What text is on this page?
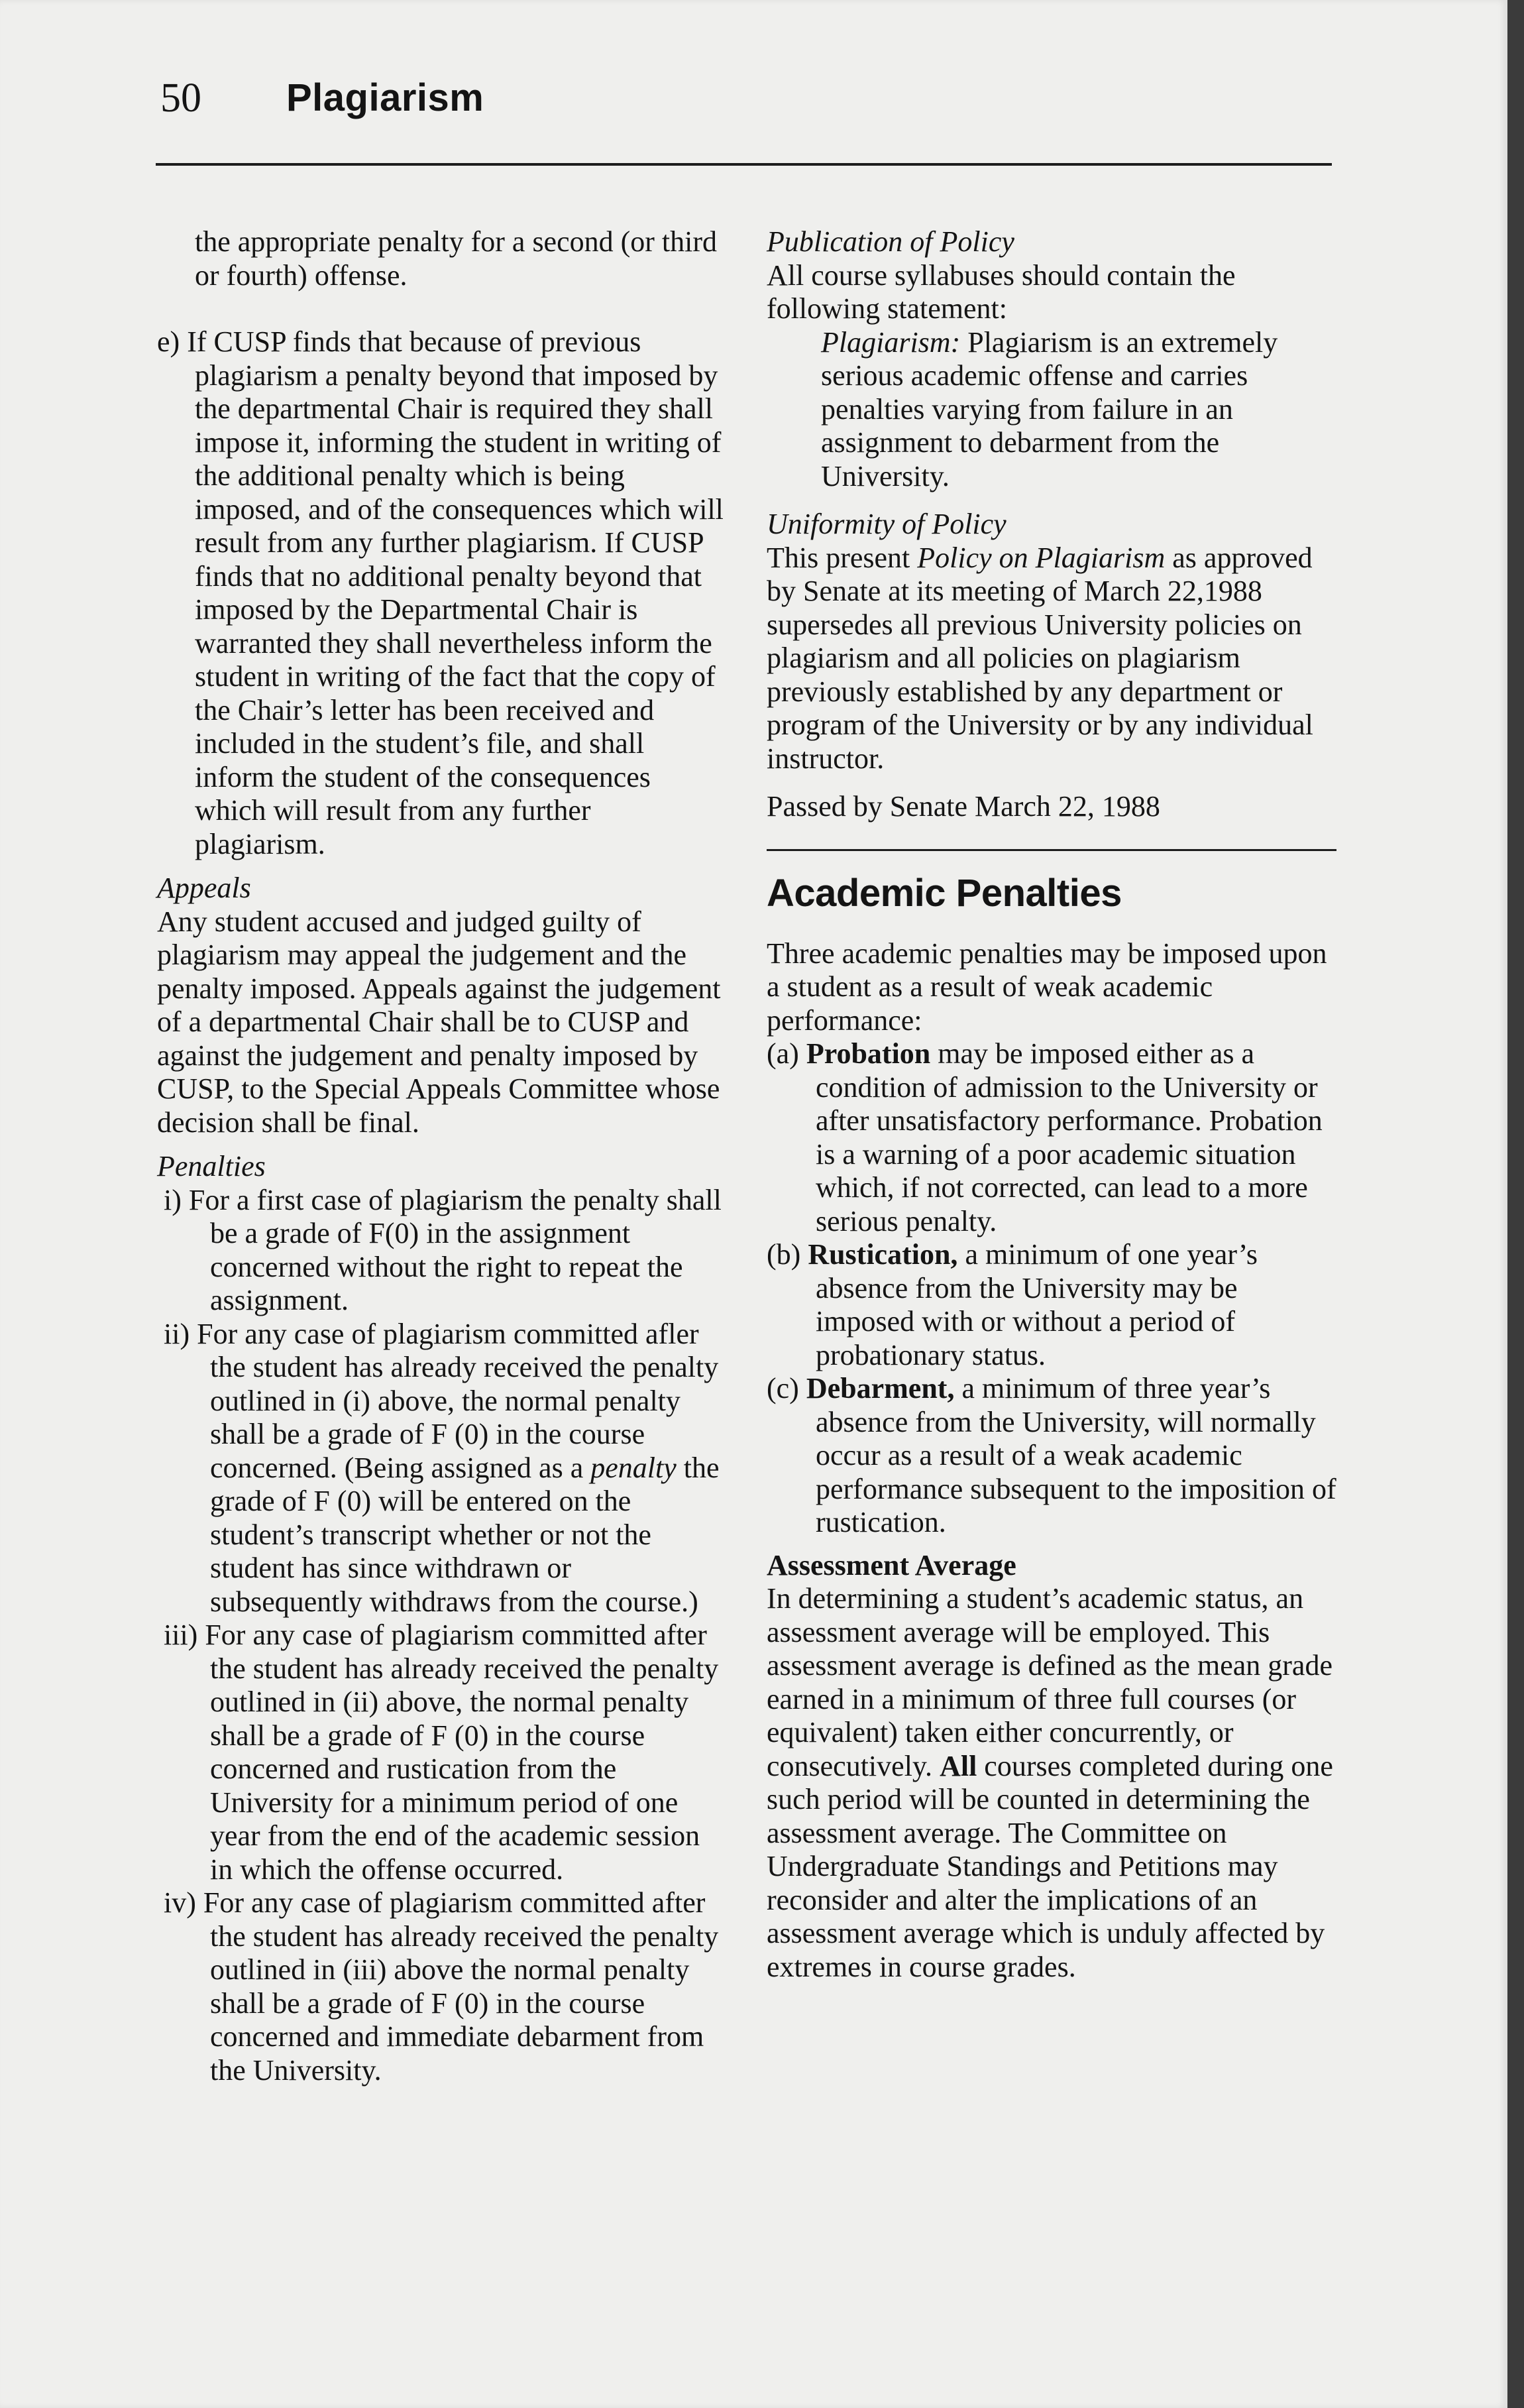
50 Plagiarism

the appropriate penalty for a second (or third or fourth) offense.

e) If CUSP finds that because of previous plagiarism a penalty beyond that imposed by the departmental Chair is required they shall impose it, informing the student in writing of the additional penalty which is being imposed, and of the consequences which will result from any further plagiarism. If CUSP finds that no additional penalty beyond that imposed by the Departmental Chair is warranted they shall nevertheless inform the student in writing of the fact that the copy of the Chair’s letter has been received and included in the student’s file, and shall inform the student of the consequences which will result from any further plagiarism.

Appeals

Any student accused and judged guilty of plagiarism may appeal the judgement and the penalty imposed. Appeals against the judgement of a departmental Chair shall be to CUSP and against the judgement and penalty imposed by CUSP, to the Special Appeals Committee whose decision shall be final.

Penalties

i) For a first case of plagiarism the penalty shall be a grade of F(0) in the assignment concerned without the right to repeat the assignment.

ii) For any case of plagiarism committed afler the student has already received the penalty outlined in (i) above, the normal penalty shall be a grade of F (0) in the course concerned. (Being assigned as a penalty the grade of F (0) will be entered on the student’s transcript whether or not the student has since withdrawn or subsequently withdraws from the course.)

iii) For any case of plagiarism committed after the student has already received the penalty outlined in (ii) above, the normal penalty shall be a grade of F (0) in the course concerned and rustication from the University for a minimum period of one year from the end of the academic session in which the offense occurred.

iv) For any case of plagiarism committed after the student has already received the penalty outlined in (iii) above the normal penalty shall be a grade of F (0) in the course concerned and immediate debarment from the University.

Publication of Policy

All course syllabuses should contain the following statement:

Plagiarism: Plagiarism is an extremely serious academic offense and carries penalties varying from failure in an assignment to debarment from the University.

Uniformity of Policy

This present Policy on Plagiarism as approved by Senate at its meeting of March 22,1988 supersedes all previous University policies on plagiarism and all policies on plagiarism previously established by any department or program of the University or by any individual instructor.

Passed by Senate March 22, 1988

Academic Penalties

Three academic penalties may be imposed upon a student as a result of weak academic performance:

(a) Probation may be imposed either as a condition of admission to the University or after unsatisfactory performance. Probation is a warning of a poor academic situation which, if not corrected, can lead to a more serious penalty.

(b) Rustication, a minimum of one year’s absence from the University may be imposed with or without a period of probationary status.

(c) Debarment, a minimum of three year’s absence from the University, will normally occur as a result of a weak academic performance subsequent to the imposition of rustication.

Assessment Average

In determining a student’s academic status, an assessment average will be employed. This assessment average is defined as the mean grade earned in a minimum of three full courses (or equivalent) taken either concurrently, or consecutively. All courses completed during one such period will be counted in determining the assessment average. The Committee on Undergraduate Standings and Petitions may reconsider and alter the implications of an assessment average which is unduly affected by extremes in course grades.
